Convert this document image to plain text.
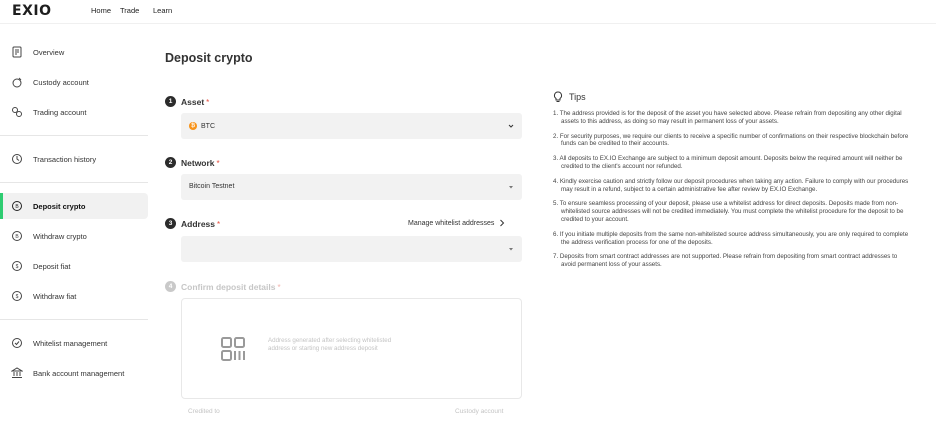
EXIO	Home Trade Learn
Overview
Custody account
Trading account
Transaction history
B Deposit crypto
B Withdraw crypto
$ Deposit fiat
$ Withdraw fiat
Whitelist management
Bank account management
Deposit crypto
1	Asset *
₿ BTC
2	Network *
Bitcoin Testnet
3	Address *	Manage whitelist addresses
4	Confirm deposit details *
Address generated after selecting whitelisted address or starting new address deposit
Credited to	Custody account
Tips
1. The address provided is for the deposit of the asset you have selected above. Please refrain from depositing any other digital assets to this address, as doing so may result in permanent loss of your assets.
2. For security purposes, we require our clients to receive a specific number of confirmations on their respective blockchain before funds can be credited to their accounts.
3. All deposits to EX.IO Exchange are subject to a minimum deposit amount. Deposits below the required amount will neither be credited to the client's account nor refunded.
4. Kindly exercise caution and strictly follow our deposit procedures when taking any action. Failure to comply with our procedures may result in a refund, subject to a certain administrative fee after review by EX.IO Exchange.
5. To ensure seamless processing of your deposit, please use a whitelist address for direct deposits. Deposits made from non-whitelisted source addresses will not be credited immediately. You must complete the whitelist procedure for the deposit to be credited to your account.
6. If you initiate multiple deposits from the same non-whitelisted source address simultaneously, you are only required to complete the address verification process for one of the deposits.
7. Deposits from smart contract addresses are not supported. Please refrain from depositing from smart contract addresses to avoid permanent loss of your assets.
